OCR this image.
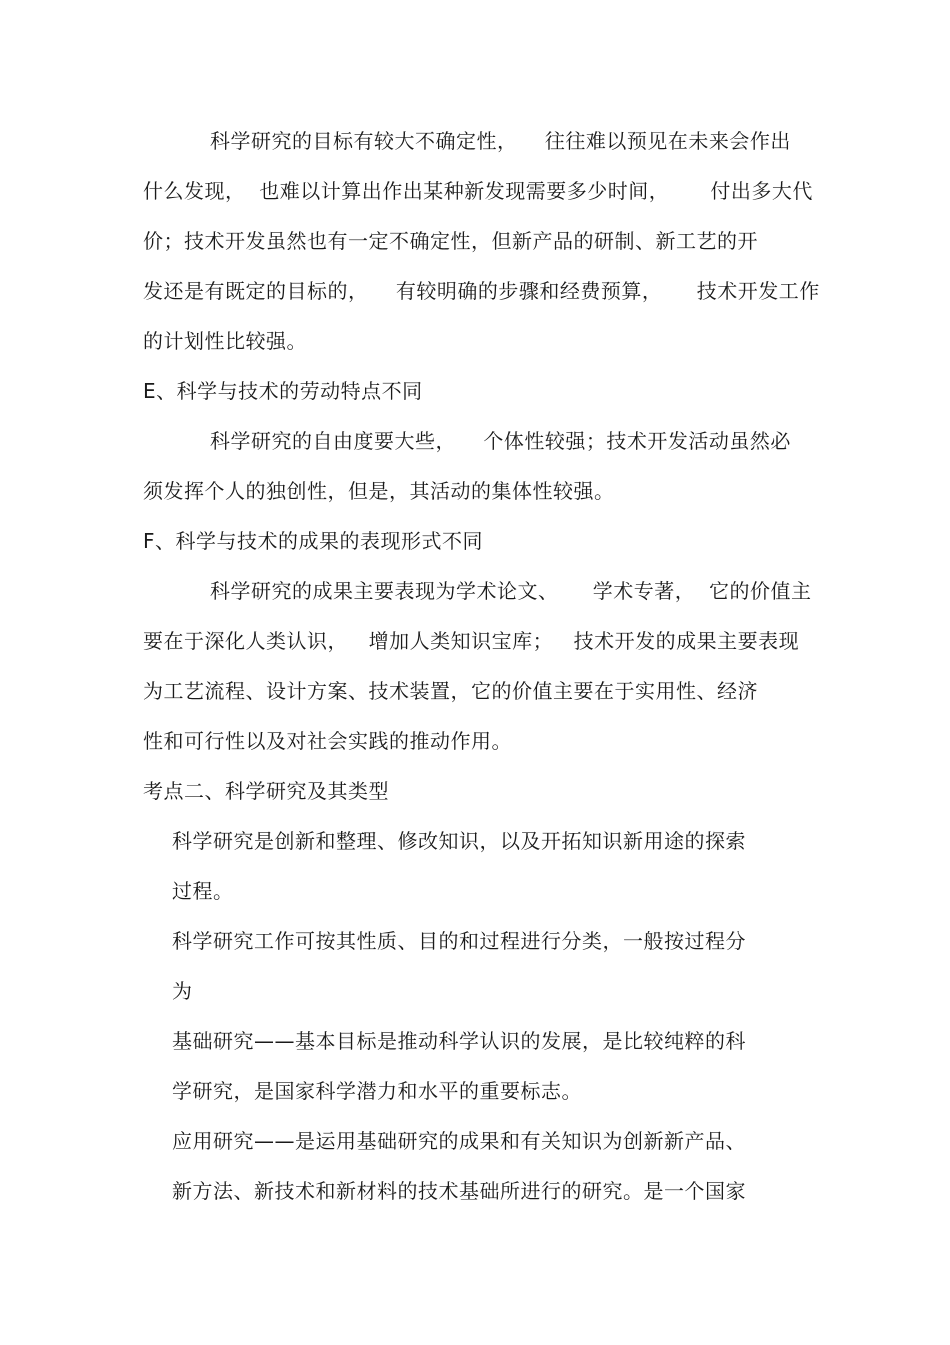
科学研究的目标有较大不确定性，    往往难以预见在未来会作出
什么发现，  也难以计算出作出某种新发现需要多少时间，      付出多大代
价；技术开发虽然也有一定不确定性，但新产品的研制、新工艺的开
发还是有既定的目标的，    有较明确的步骤和经费预算，     技术开发工作
的计划性比较强。
E、科学与技术的劳动特点不同
科学研究的自由度要大些，    个体性较强；技术开发活动虽然必
须发挥个人的独创性，但是，其活动的集体性较强。
F、科学与技术的成果的表现形式不同
科学研究的成果主要表现为学术论文、     学术专著，  它的价值主
要在于深化人类认识，   增加人类知识宝库；   技术开发的成果主要表现
为工艺流程、设计方案、技术装置，它的价值主要在于实用性、经济
性和可行性以及对社会实践的推动作用。
考点二、科学研究及其类型
科学研究是创新和整理、修改知识，以及开拓知识新用途的探索
过程。
科学研究工作可按其性质、目的和过程进行分类，一般按过程分
为
基础研究——基本目标是推动科学认识的发展，是比较纯粹的科
学研究，是国家科学潜力和水平的重要标志。
应用研究——是运用基础研究的成果和有关知识为创新新产品、
新方法、新技术和新材料的技术基础所进行的研究。是一个国家
